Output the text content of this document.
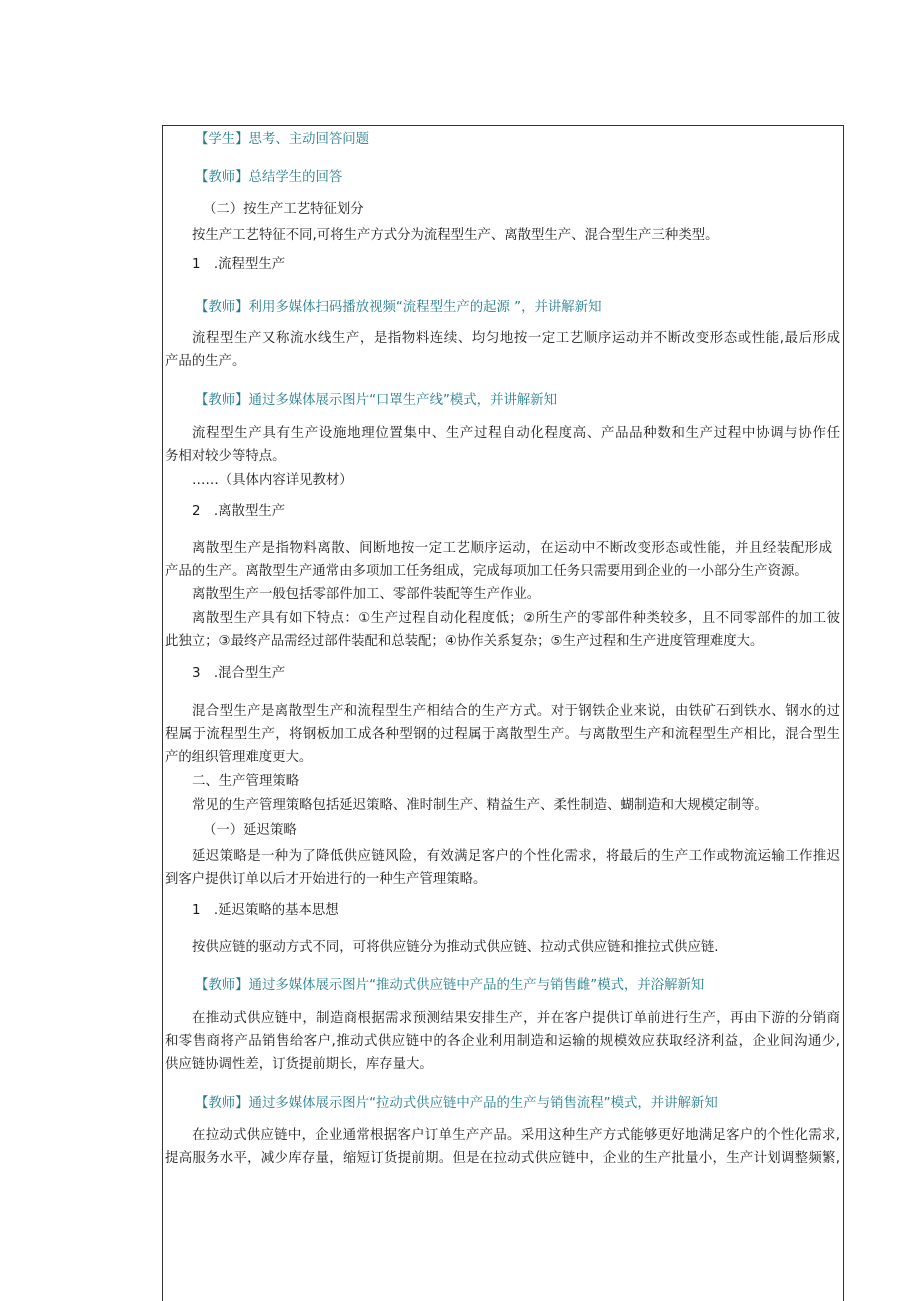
【学生】思考、主动回答问题
【教师】总结学生的回答
（二）按生产工艺特征划分
按生产工艺特征不同,可将生产方式分为流程型生产、离散型生产、混合型生产三种类型。
1　.流程型生产
【教师】利用多媒体扫码播放视频“流程型生产的起源 ”，并讲解新知
流程型生产又称流水线生产，是指物料连续、均匀地按一定工艺顺序运动并不断改变形态或性能,最后形成
产品的生产。
【教师】通过多媒体展示图片“口罩生产线”模式，并讲解新知
流程型生产具有生产设施地理位置集中、生产过程自动化程度高、产品品种数和生产过程中协调与协作任
务相对较少等特点。
……（具体内容详见教材）
2　.离散型生产
离散型生产是指物料离散、间断地按一定工艺顺序运动，在运动中不断改变形态或性能，并且经装配形成
产品的生产。离散型生产通常由多项加工任务组成，完成每项加工任务只需要用到企业的一小部分生产资源。
离散型生产一般包括零部件加工、零部件装配等生产作业。
离散型生产具有如下特点：①生产过程自动化程度低；②所生产的零部件种类较多，且不同零部件的加工彼
此独立；③最终产品需经过部件装配和总装配；④协作关系复杂；⑤生产过程和生产进度管理难度大。
3　.混合型生产
混合型生产是离散型生产和流程型生产相结合的生产方式。对于钢铁企业来说，由铁矿石到铁水、钢水的过
程属于流程型生产，将钢板加工成各种型钢的过程属于离散型生产。与离散型生产和流程型生产相比，混合型生
产的组织管理难度更大。
二、生产管理策略
常见的生产管理策略包括延迟策略、准时制生产、精益生产、柔性制造、蝴制造和大规模定制等。
（一）延迟策略
延迟策略是一种为了降低供应链风险，有效满足客户的个性化需求，将最后的生产工作或物流运输工作推迟
到客户提供订单以后才开始进行的一种生产管理策略。
1　.延迟策略的基本思想
按供应链的驱动方式不同，可将供应链分为推动式供应链、拉动式供应链和推拉式供应链.
【教师】通过多媒体展示图片“推动式供应链中产品的生产与销售雌”模式，并浴解新知
在推动式供应链中，制造商根据需求预测结果安排生产，并在客户提供订单前进行生产，再由下游的分销商
和零售商将产品销售给客户,推动式供应链中的各企业利用制造和运输的规模效应获取经济利益，企业间沟通少,
供应链协调性差，订货提前期长，库存量大。
【教师】通过多媒体展示图片“拉动式供应链中产品的生产与销售流程”模式，并讲解新知
在拉动式供应链中，企业通常根据客户订单生产产品。采用这种生产方式能够更好地满足客户的个性化需求,
提高服务水平，减少库存量，缩短订货提前期。但是在拉动式供应链中，企业的生产批量小，生产计划调整频繁,
